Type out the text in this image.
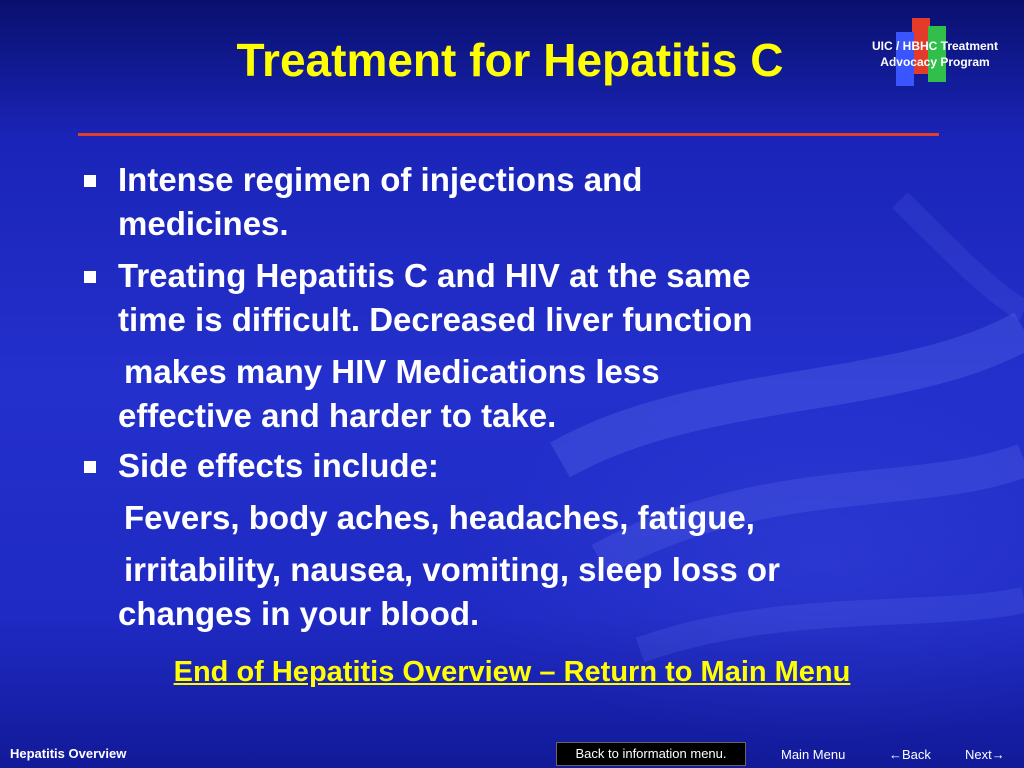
Treatment for Hepatitis C	UIC / HBHC Treatment
Advocacy Program
Intense regimen of injections and
medicines.
Treating Hepatitis C and HIV at the same
time is difficult. Decreased liver function
makes many HIV Medications less
effective and harder to take.
Side effects include:
Fevers, body aches, headaches, fatigue,
irritability, nausea, vomiting, sleep loss or
changes in your blood.
End of Hepatitis Overview – Return to Main Menu
Hepatitis Overview	Back to information menu.	Main Menu	←Back	Next→
